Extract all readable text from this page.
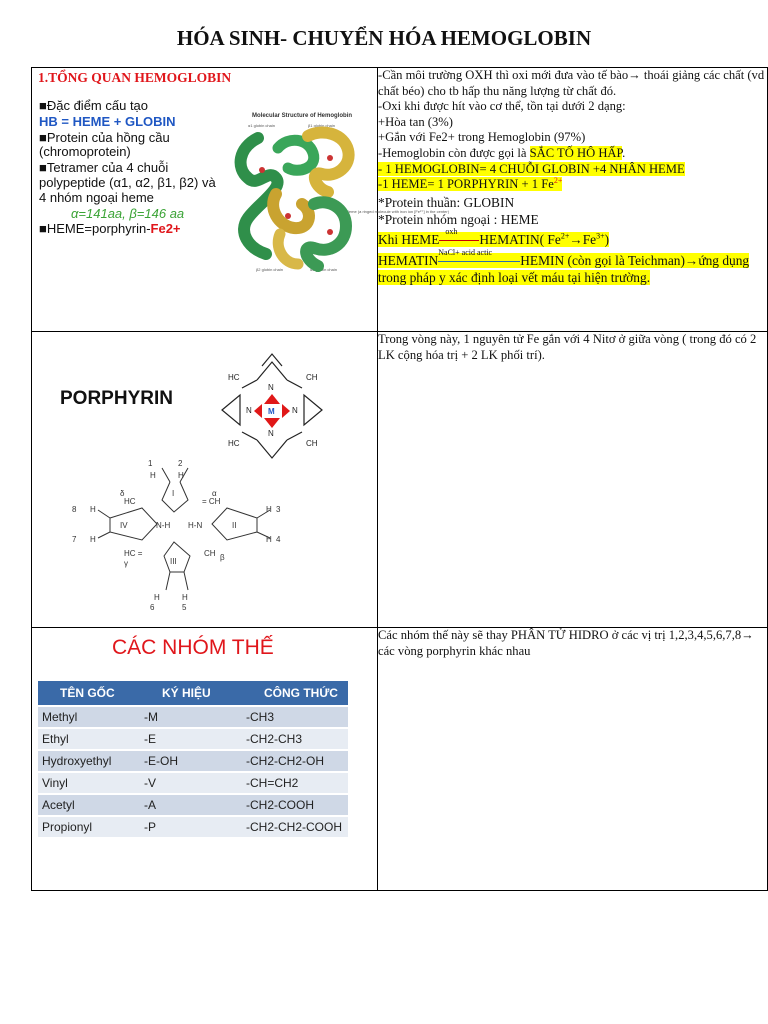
HÓA SINH- CHUYỂN HÓA HEMOGLOBIN
1.TỔNG QUAN HEMOGLOBIN
■Đặc điểm cấu tạo
HB = HEME + GLOBIN
■Protein của hồng cầu (chromoprotein)
■Tetramer của 4 chuỗi polypeptide (α1, α2, β1, β2) và 4 nhóm ngoại heme
α=141aa, β=146 aa
■HEME=porphyrin-Fe2+
Molecular Structure of Hemoglobin
α1 globin chain	β1 globin chain
Heme (a ringed molecule with iron ion [Fe²⁺] in the center)
β2 globin chain	α2 globin chain

-Cần môi trường OXH thì oxi mới đưa vào tế bào→ thoái giảng các chất (vd chất béo) cho tb hấp thu năng lượng từ chất đó.
-Oxi khi được hít vào cơ thể, tồn tại dưới 2 dạng:
+Hòa tan (3%)
+Gắn với Fe2+ trong Hemoglobin (97%)
-Hemoglobin còn được gọi là SẮC TỐ HÔ HẤP.
- 1 HEMOGLOBIN= 4 CHUỖI GLOBIN +4 NHÂN HEME
-1 HEME= 1 PORPHYRIN + 1 $Fe^{2+}$
*Protein thuần: GLOBIN
*Protein nhóm ngoại : HEME
Khi HEME
oxh
HEMATIN( $Fe^{2+}\to Fe^{3+}$)
HEMATIN
NaCl+ acid actic
HEMIN (còn gọi là Teichman)→ứng dụng trong pháp y xác định loại vết máu tại hiện trường.

PORPHYRIN
HC	CH
HC	CH
N
N	N
N
M
1	2
3
4
5
6
7
8
H	H
H
H
H
H
H	H
I
II
III
IV	N-H H-N
HC	= CH
HC =	CH
δ	α
γ
β

Trong vòng này, 1 nguyên tử Fe gắn với 4 Nitơ ở giữa vòng ( trong đó có 2 LK cộng hóa trị + 2 LK phối trí).

CÁC NHÓM THẾ
TÊN GỐC	KÝ HIỆU	CÔNG THỨC
Methyl	-M	-CH3
Ethyl	-E	-CH2-CH3
Hydroxyethyl	-E-OH	-CH2-CH2-OH
Vinyl	-V	-CH=CH2
Acetyl	-A	-CH2-COOH
Propionyl	-P	-CH2-CH2-COOH

Các nhóm thế này sẽ thay PHÂN TỬ HIDRO ở các vị trị 1,2,3,4,5,6,7,8→ các vòng porphyrin khác nhau
